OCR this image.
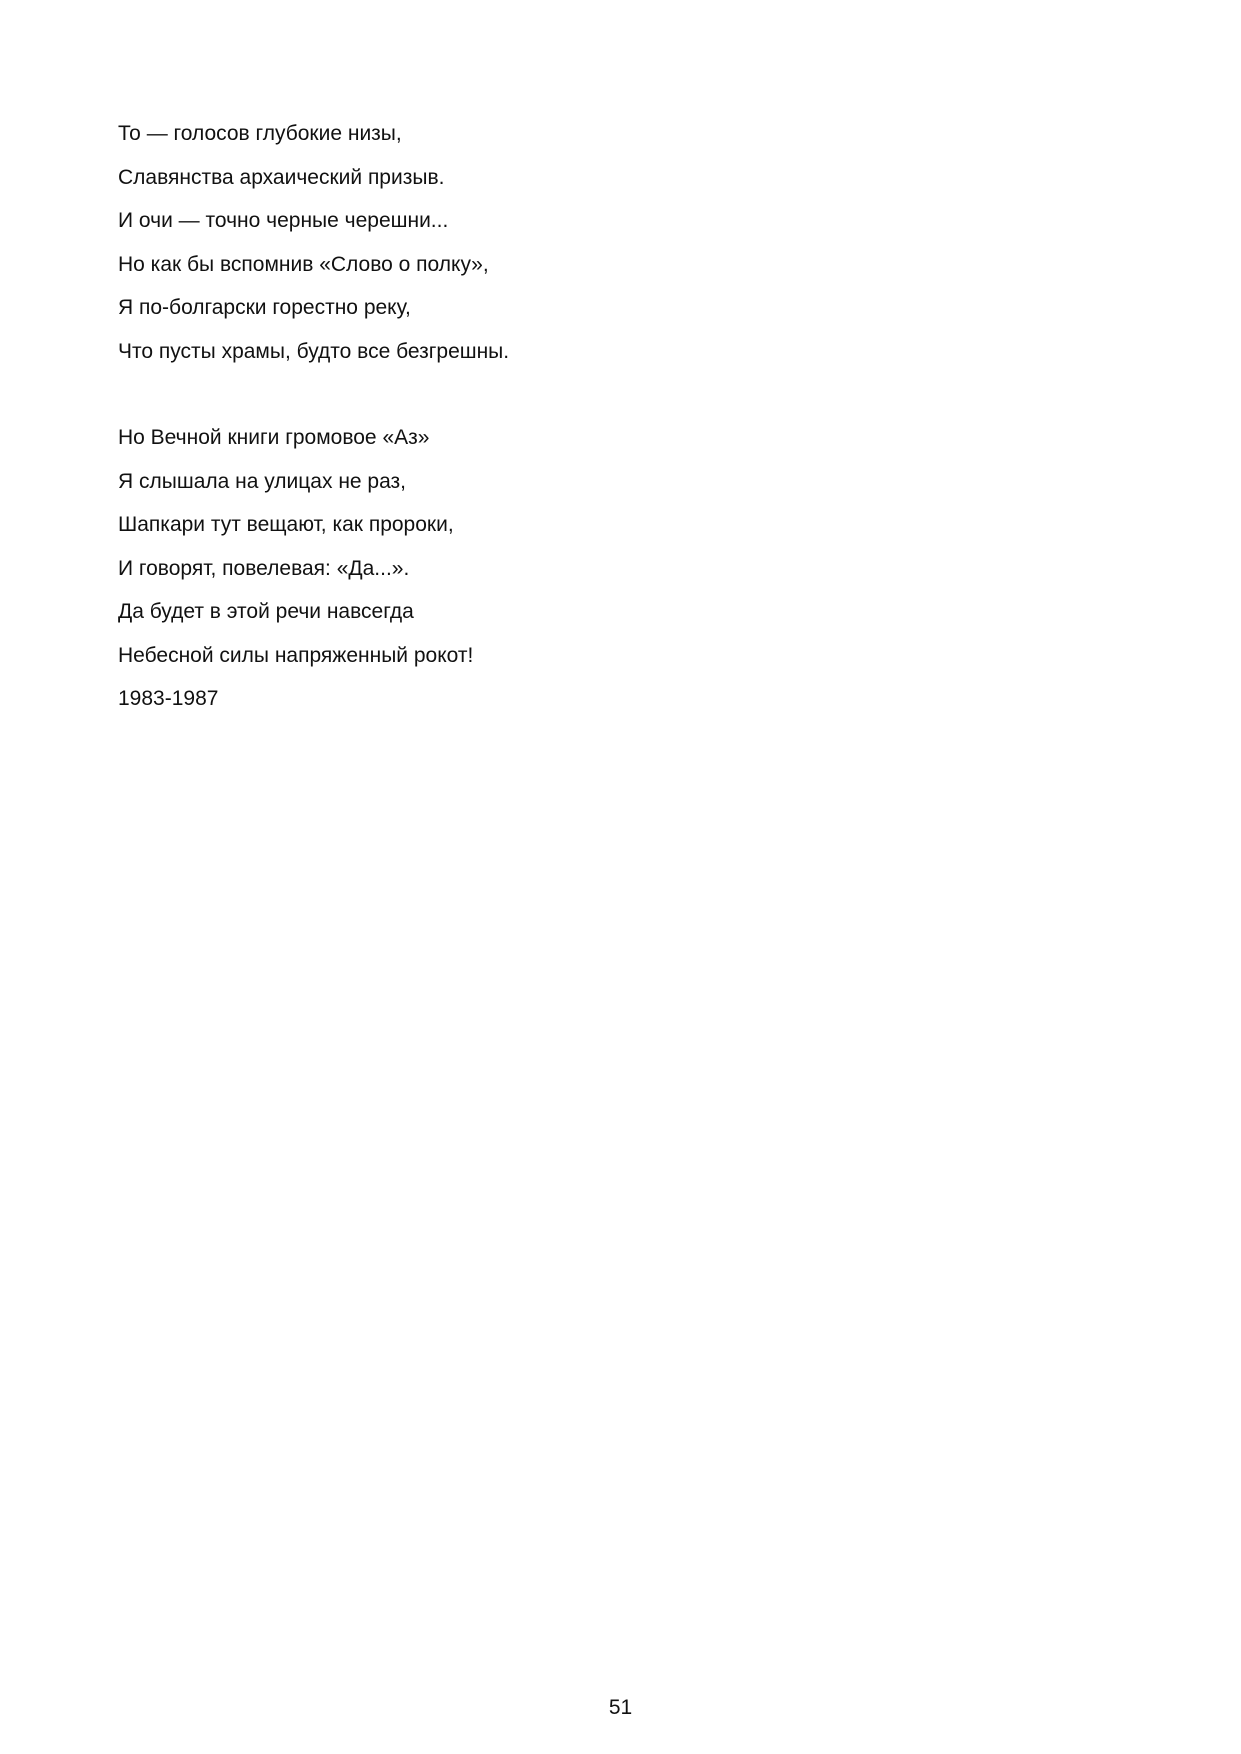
То — голосов глубокие низы,
Славянства архаический призыв.
И очи — точно черные черешни...
Но как бы вспомнив «Слово о полку»,
Я по-болгарски горестно реку,
Что пусты храмы, будто все безгрешны.
Но Вечной книги громовое «Аз»
Я слышала на улицах не раз,
Шапкари тут вещают, как пророки,
И говорят, повелевая: «Да...».
Да будет в этой речи навсегда
Небесной силы напряженный рокот!
1983-1987
51
